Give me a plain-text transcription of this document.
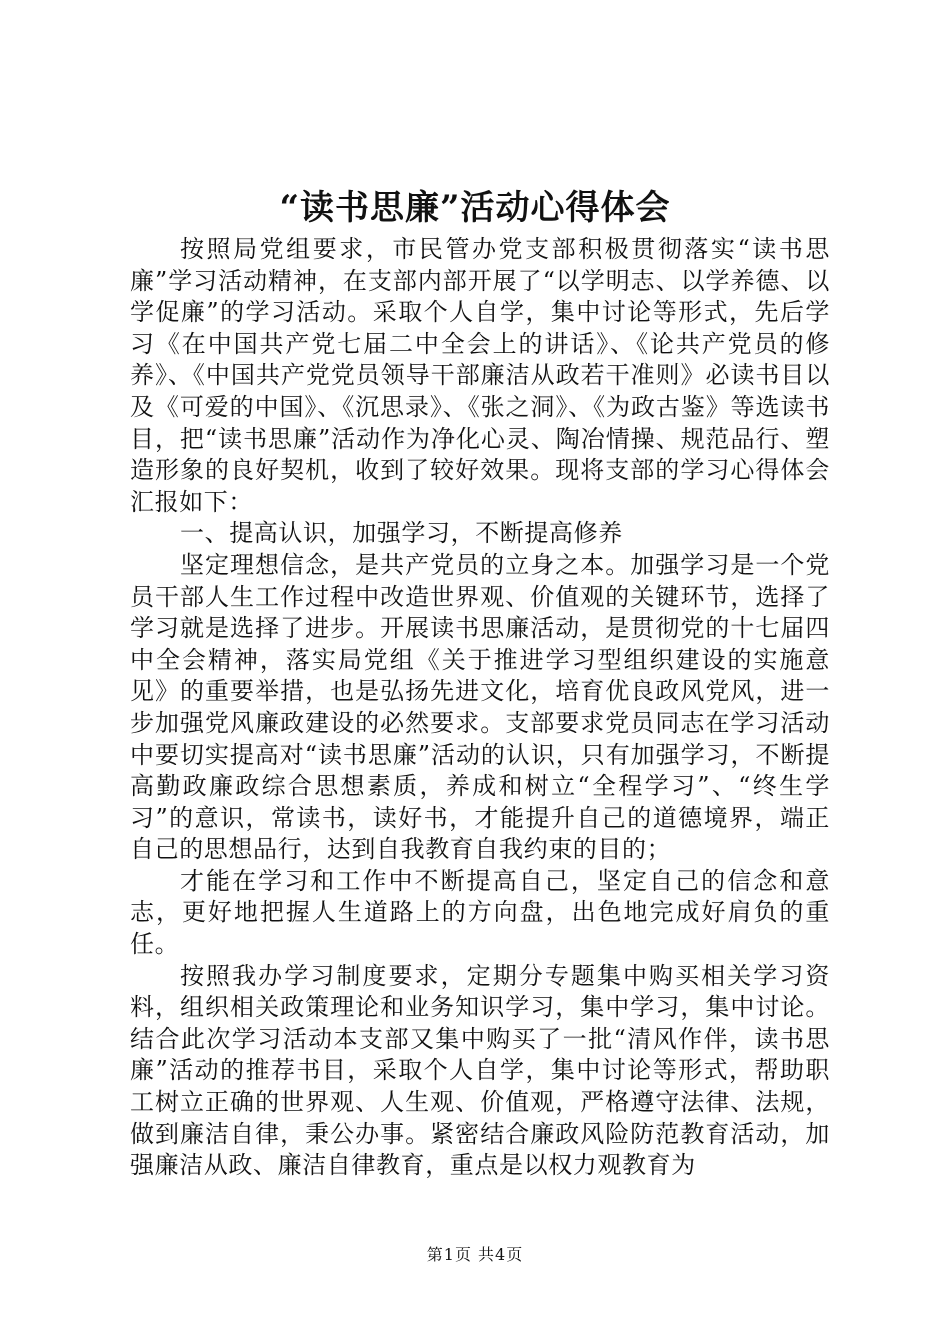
“读书思廉”活动心得体会

按照局党组要求，市民管办党支部积极贯彻落实“读书思廉”学习活动精神，在支部内部开展了“以学明志、以学养德、以学促廉”的学习活动。采取个人自学，集中讨论等形式，先后学习《在中国共产党七届二中全会上的讲话》、《论共产党员的修养》、《中国共产党党员领导干部廉洁从政若干准则》必读书目以及《可爱的中国》、《沉思录》、《张之洞》、《为政古鉴》等选读书目，把“读书思廉”活动作为净化心灵、陶冶情操、规范品行、塑造形象的良好契机，收到了较好效果。现将支部的学习心得体会汇报如下：

一、提高认识，加强学习，不断提高修养

坚定理想信念，是共产党员的立身之本。加强学习是一个党员干部人生工作过程中改造世界观、价值观的关键环节，选择了学习就是选择了进步。开展读书思廉活动，是贯彻党的十七届四中全会精神，落实局党组《关于推进学习型组织建设的实施意见》的重要举措，也是弘扬先进文化，培育优良政风党风，进一步加强党风廉政建设的必然要求。支部要求党员同志在学习活动中要切实提高对“读书思廉”活动的认识，只有加强学习，不断提高勤政廉政综合思想素质，养成和树立“全程学习”、“终生学习”的意识，常读书，读好书，才能提升自己的道德境界，端正自己的思想品行，达到自我教育自我约束的目的；

才能在学习和工作中不断提高自己，坚定自己的信念和意志，更好地把握人生道路上的方向盘，出色地完成好肩负的重任。

按照我办学习制度要求，定期分专题集中购买相关学习资料，组织相关政策理论和业务知识学习，集中学习，集中讨论。结合此次学习活动本支部又集中购买了一批“清风作伴，读书思廉”活动的推荐书目，采取个人自学，集中讨论等形式，帮助职工树立正确的世界观、人生观、价值观，严格遵守法律、法规，做到廉洁自律，秉公办事。紧密结合廉政风险防范教育活动，加强廉洁从政、廉洁自律教育，重点是以权力观教育为

第1页 共4页
